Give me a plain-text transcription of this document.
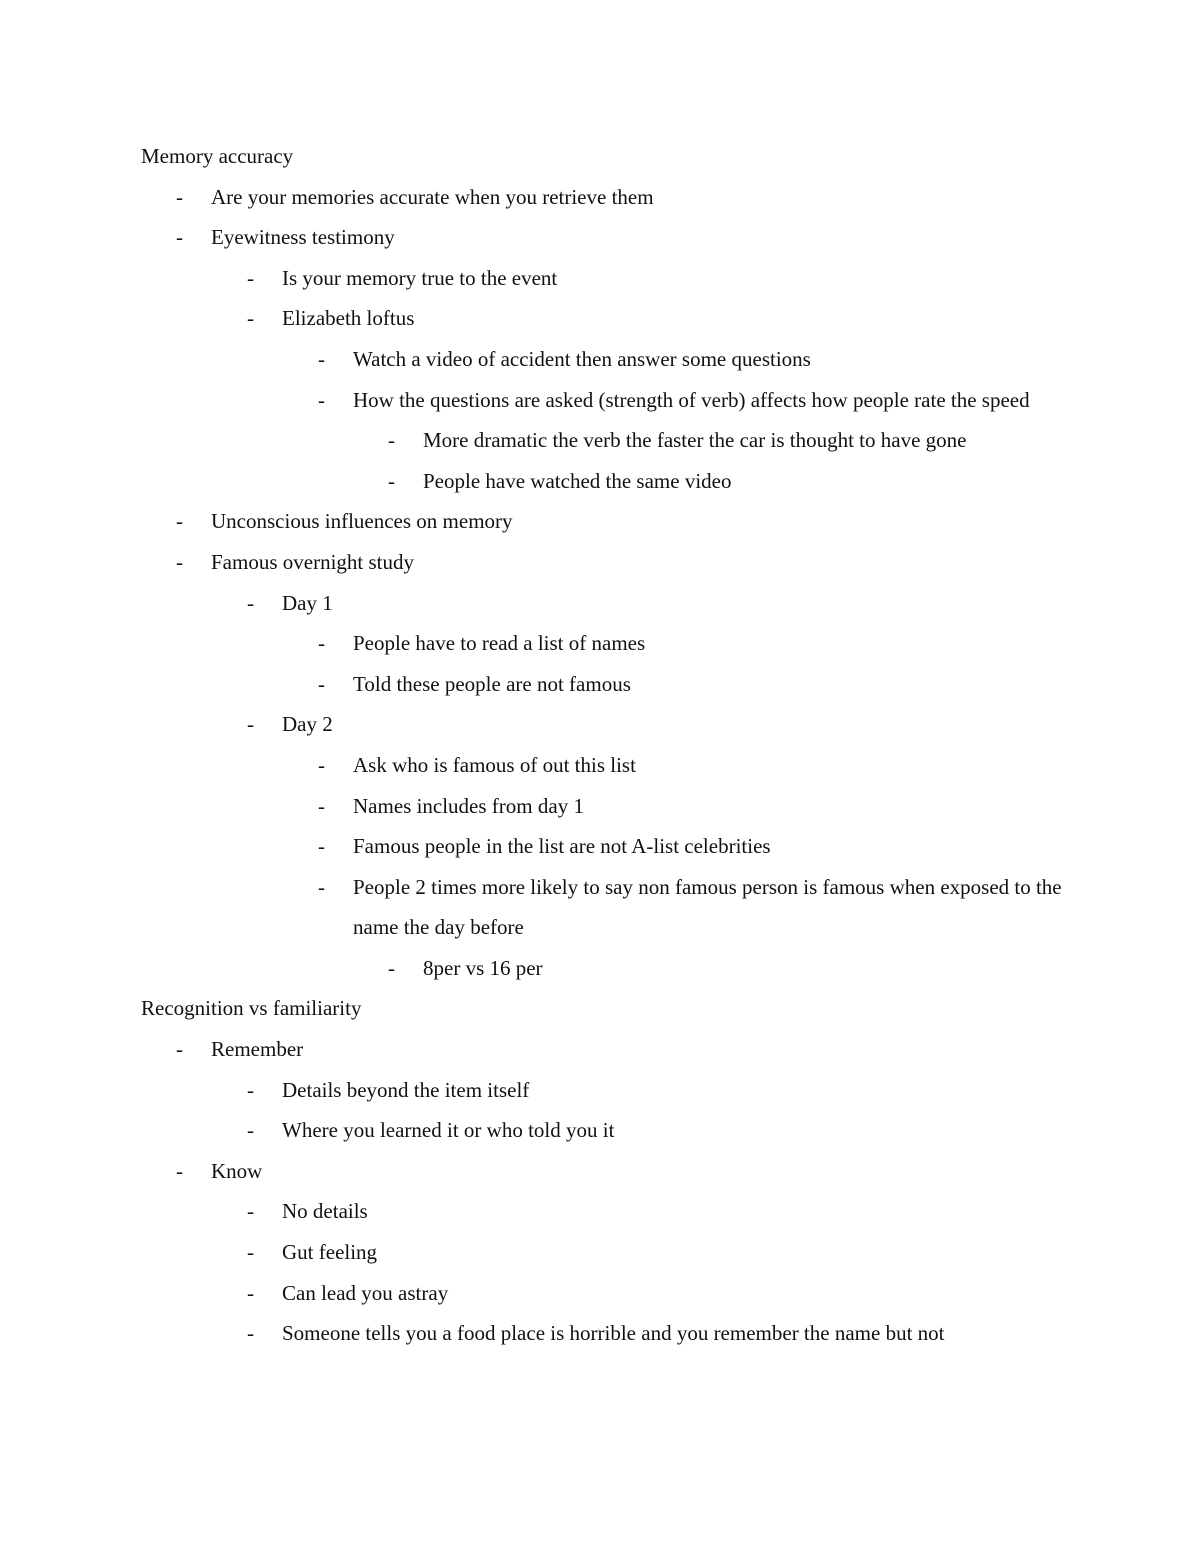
Memory accuracy
-	Are your memories accurate when you retrieve them
-	Eyewitness testimony
-	Is your memory true to the event
-	Elizabeth loftus
-	Watch a video of accident then answer some questions
-	How the questions are asked (strength of verb) affects how people rate the speed
-	More dramatic the verb the faster the car is thought to have gone
-	People have watched the same video
-	Unconscious influences on memory
-	Famous overnight study
-	Day 1
-	People have to read a list of names
-	Told these people are not famous
-	Day 2
-	Ask who is famous of out this list
-	Names includes from day 1
-	Famous people in the list are not A-list celebrities
-	People 2 times more likely to say non famous person is famous when exposed to the name the day before
-	8per vs 16 per
Recognition vs familiarity
-	Remember
-	Details beyond the item itself
-	Where you learned it or who told you it
-	Know
-	No details
-	Gut feeling
-	Can lead you astray
-	Someone tells you a food place is horrible and you remember the name but not
